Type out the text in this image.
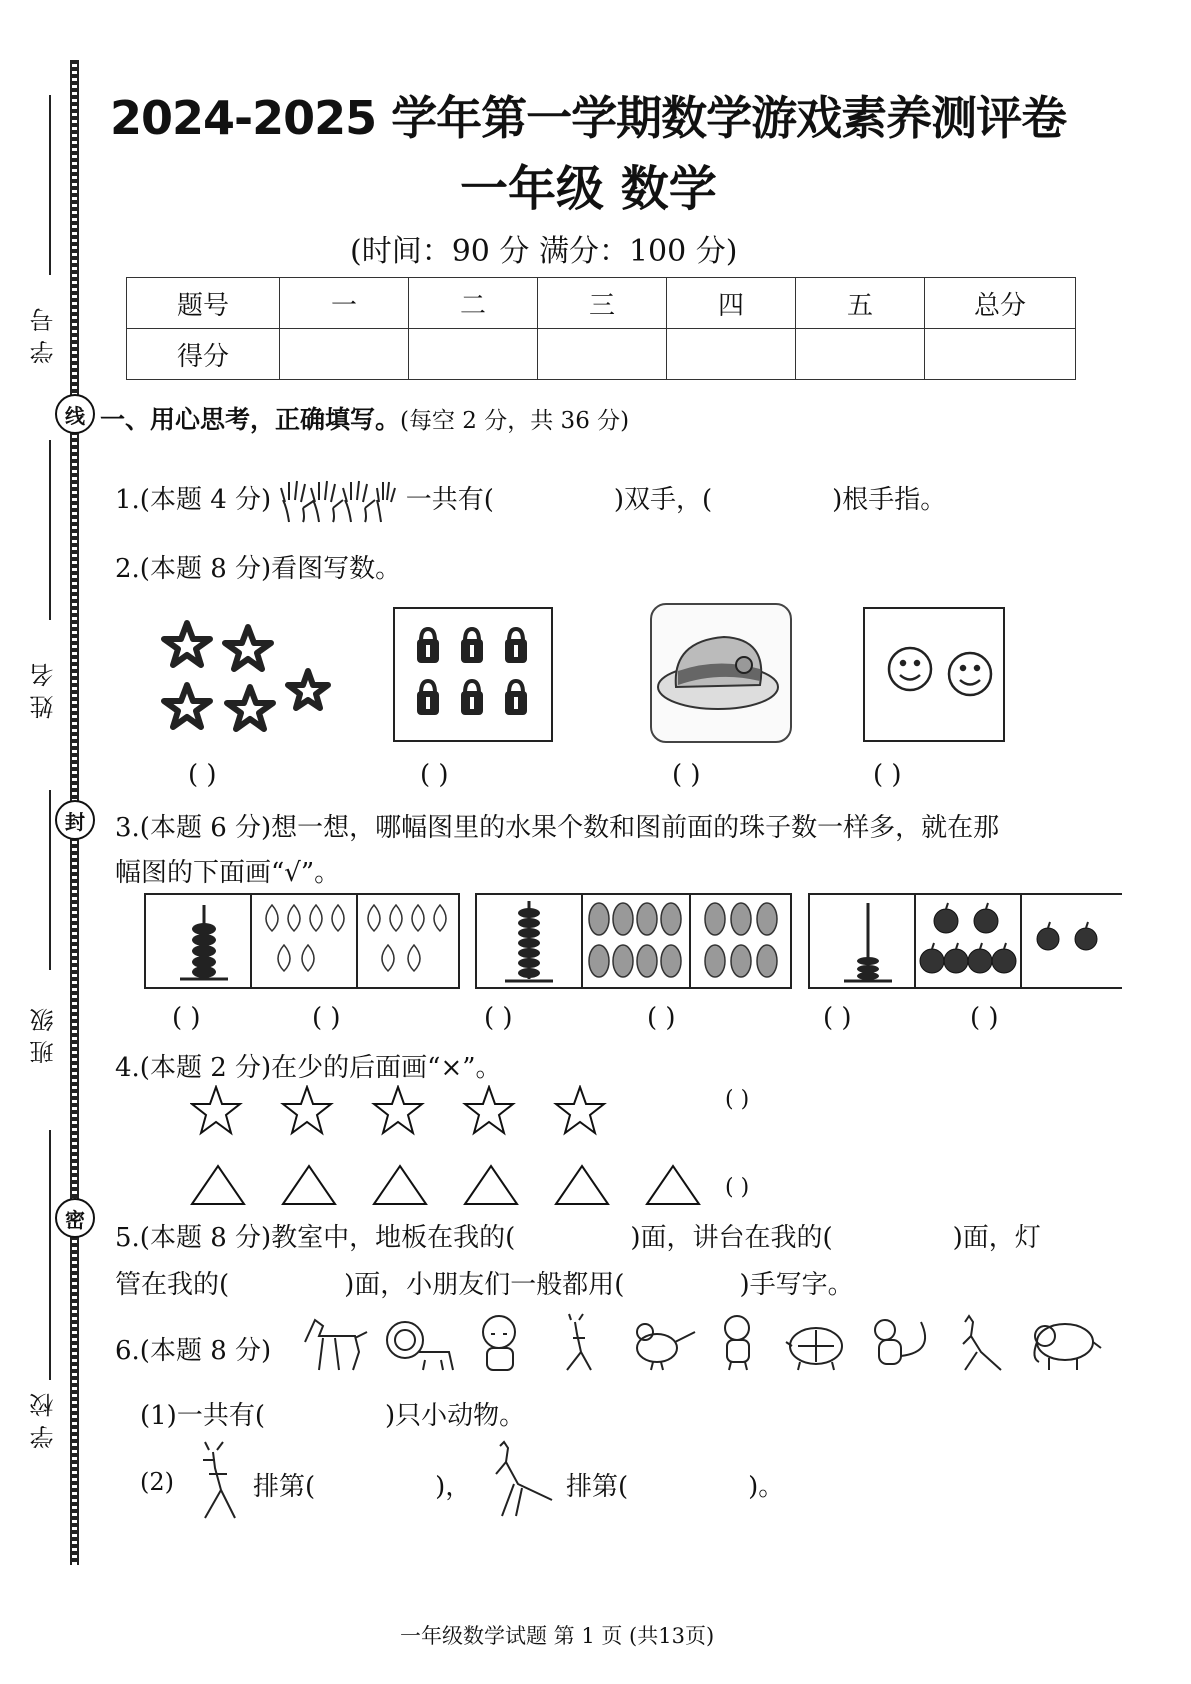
线
封
密
学号
姓名
班级
学校
2024-2025 学年第一学期数学游戏素养测评卷
一年级 数学
(时间：90 分 满分：100 分)
题号	一	二	三	四	五	总分
得分						
一、用心思考，正确填写。(每空 2 分，共 36 分)
1.(本题 4 分)	一共有(	)双手，(	)根手指。
2.(本题 8 分)看图写数。
( )	( )	( )	( )
3.(本题 6 分)想一想，哪幅图里的水果个数和图前面的珠子数一样多，就在那
幅图的下面画“√”。
( )	( )	( )	( )	( )	( )
4.(本题 2 分)在少的后面画“×”。
( )
( )
5.(本题 8 分)教室中，地板在我的(	)面，讲台在我的(	)面，灯
管在我的(	)面，小朋友们一般都用(	)手写字。
6.(本题 8 分)
(1)一共有(	)只小动物。
(2)	排第(	)，	排第(	)。
一年级数学试题 第 1 页 (共13页)
